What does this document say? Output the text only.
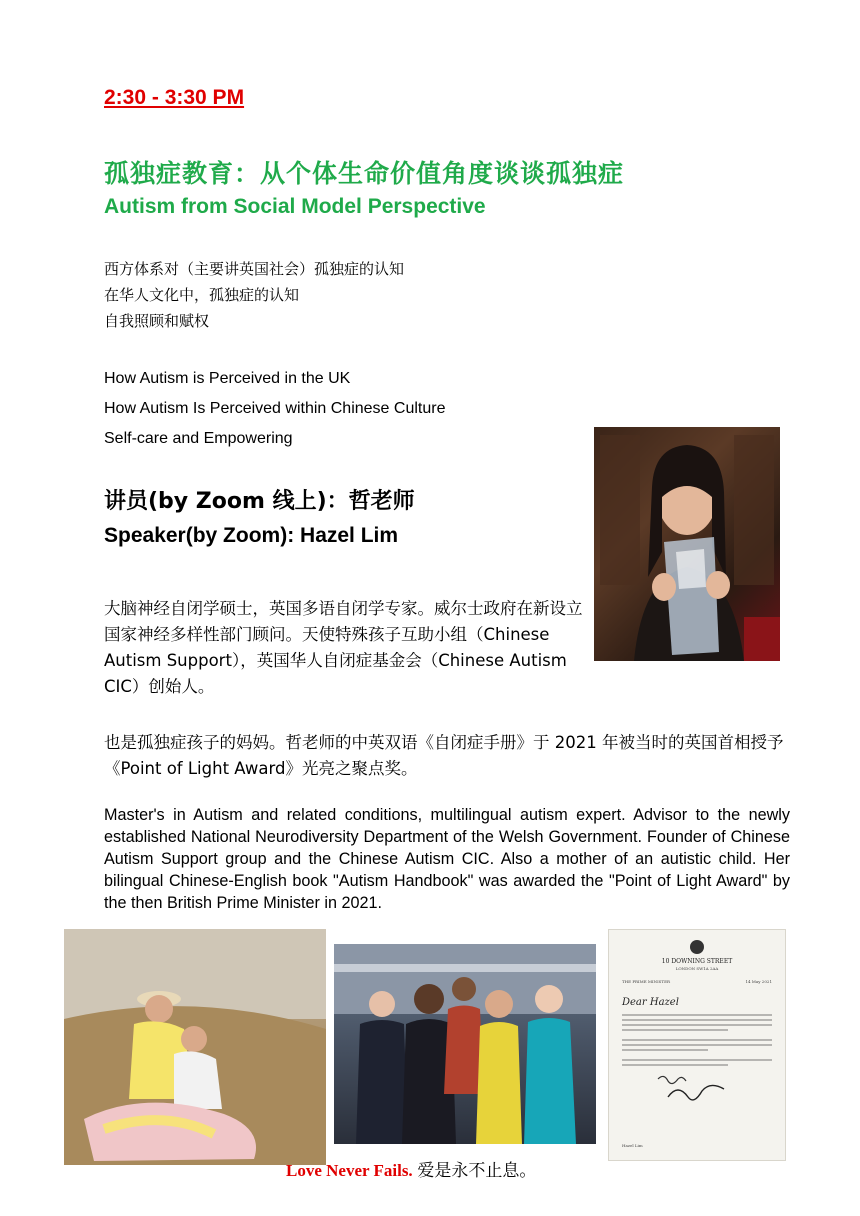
2:30 - 3:30 PM
孤独症教育：从个体生命价值角度谈谈孤独症
Autism from Social Model Perspective
西方体系对（主要讲英国社会）孤独症的认知
在华人文化中，孤独症的认知
自我照顾和赋权
How Autism is Perceived in the UK
How Autism Is Perceived within Chinese Culture
Self-care and Empowering
讲员(by Zoom 线上)：哲老师
Speaker(by Zoom): Hazel Lim
大脑神经自闭学硕士，英国多语自闭学专家。威尔士政府在新设立国家神经多样性部门顾问。天使特殊孩子互助小组（Chinese Autism Support），英国华人自闭症基金会（Chinese Autism CIC）创始人。
也是孤独症孩子的妈妈。哲老师的中英双语《自闭症手册》于 2021 年被当时的英国首相授予《Point of Light Award》光亮之聚点奖。
Master's in Autism and related conditions, multilingual autism expert. Advisor to the newly established National Neurodiversity Department of the Welsh Government. Founder of Chinese Autism Support group and the Chinese Autism CIC. Also a mother of an autistic child. Her bilingual Chinese-English book "Autism Handbook" was awarded the "Point of Light Award" by the then British Prime Minister in 2021.
10 DOWNING STREET
LONDON SW1A 2AA
THE PRIME MINISTER	14 May 2021
Dear Hazel
Hazel Lim
Love Never Fails. 爱是永不止息。
